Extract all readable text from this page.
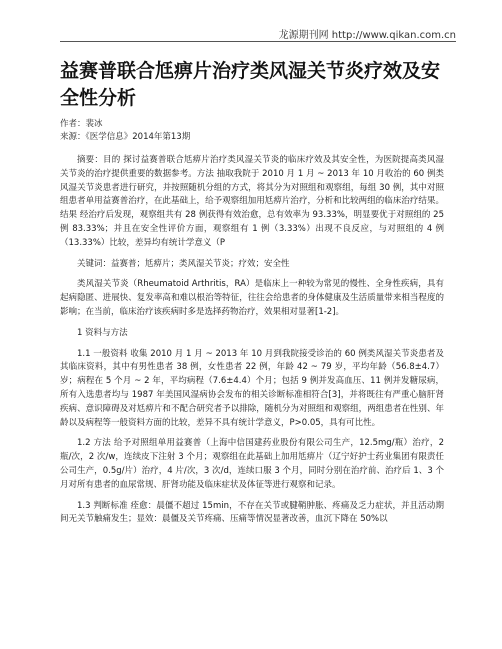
龙源期刊网 http://www.qikan.com.cn
益赛普联合尪痹片治疗类风湿关节炎疗效及安全性分析
作者：裴冰
来源：《医学信息》2014年第13期

摘要：目的 探讨益赛普联合尪痹片治疗类风湿关节炎的临床疗效及其安全性，为医院提高类风湿关节炎的治疗提供重要的数据参考。方法 抽取我院于 2010 月 1 月 ~ 2013 年 10 月收治的 60 例类风湿关节炎患者进行研究，并按照随机分组的方式，将其分为对照组和观察组，每组 30 例，其中对照组患者单用益赛普治疗，在此基础上，给予观察组加用尪痹片治疗，分析和比较两组的临床治疗结果。结果 经治疗后发现，观察组共有 28 例获得有效治愈，总有效率为 93.33%，明显要优于对照组的 25 例 83.33%；并且在安全性评价方面，观察组有 1 例（3.33%）出现不良反应，与对照组的 4 例 （13.33%）比较，差异均有统计学意义（P

关键词：益赛普；尪痹片；类风湿关节炎；疗效；安全性

类风湿关节炎（Rheumatoid Arthritis，RA）是临床上一种较为常见的慢性、全身性疾病，具有起病隐匿、进展快、复发率高和难以根治等特征，往往会给患者的身体健康及生活质量带来相当程度的影响；在当前，临床治疗该疾病时多是选择药物治疗，效果相对显著[1-2]。

1 资料与方法

1.1 一般资料 收集 2010 月 1 月 ~ 2013 年 10 月到我院接受诊治的 60 例类风湿关节炎患者及其临床资料，其中有男性患者 38 例，女性患者 22 例，年龄 42 ~ 79 岁，平均年龄（56.8±4.7）岁；病程在 5 个月 ~ 2 年，平均病程（7.6±4.4）个月；包括 9 例并发高血压、11 例并发糖尿病，所有入选患者均与 1987 年美国风湿病协会发布的相关诊断标准相符合[3]，并将既往有严重心脑肝肾疾病、意识障碍及对尪痹片和不配合研究者予以排除，随机分为对照组和观察组，两组患者在性别、年龄以及病程等一般资料方面的比较，差异不具有统计学意义，P>0.05，具有可比性。

1.2 方法 给予对照组单用益赛普（上海中信国建药业股份有限公司生产，12.5mg/瓶）治疗，2 瓶/次，2 次/w，连续皮下注射 3 个月；观察组在此基础上加用尪痹片（辽宁好护士药业集团有限责任公司生产，0.5g/片）治疗，4 片/次，3 次/d，连续口服 3 个月，同时分别在治疗前、治疗后 1、3 个月对所有患者的血尿常规、肝肾功能及临床症状及体征等进行观察和记录。

1.3 判断标准 痊愈：晨僵不超过 15min，不存在关节或腱鞘肿胀、疼痛及乏力症状，并且活动期间无关节触痛发生；显效：晨僵及关节疼痛、压痛等情况显著改善，血沉下降在 50%以
